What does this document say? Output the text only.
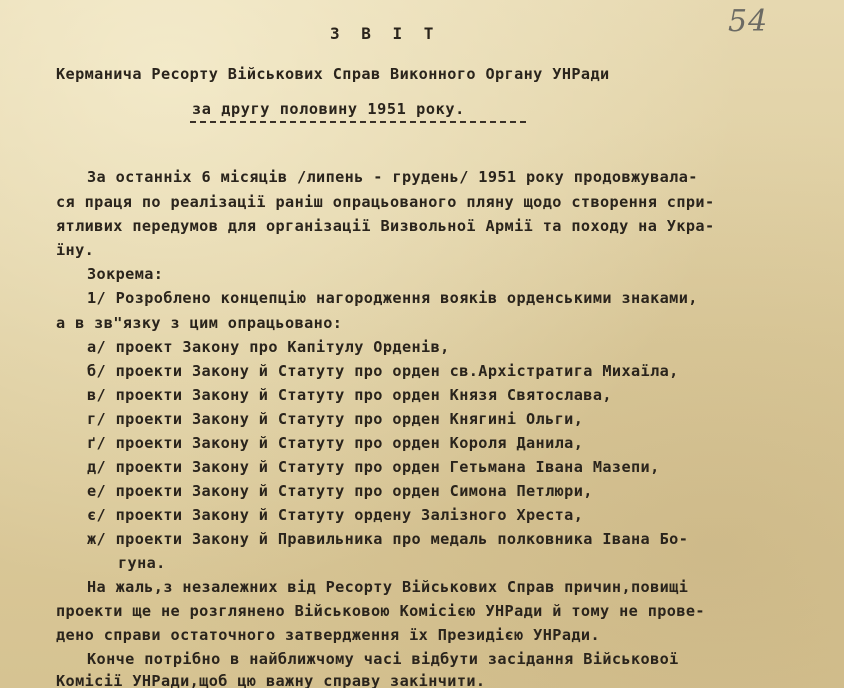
54
З В І Т
Керманича Ресорту Військових Справ Виконного Органу УНРади
за другу половину 1951 року.
За останніх 6 місяців /липень - грудень/ 1951 року продовжувала-
ся праця по реалізації раніш опрацьованого пляну щодо створення спри-
ятливих передумов для організації Визвольної Армії та походу на Укра-
їну.
Зокрема:
1/ Розроблено концепцію нагородження вояків орденськими знаками,
а в зв"язку з цим опрацьовано:
а/ проект Закону про Капітулу Орденів,
б/ проекти Закону й Статуту про орден св.Архістратига Михаїла,
в/ проекти Закону й Статуту про орден Князя Святослава,
г/ проекти Закону й Статуту про орден Княгині Ольги,
ґ/ проекти Закону й Статуту про орден Короля Данила,
д/ проекти Закону й Статуту про орден Гетьмана Івана Мазепи,
е/ проекти Закону й Статуту про орден Симона Петлюри,
є/ проекти Закону й Статуту ордену Залізного Хреста,
ж/ проекти Закону й Правильника про медаль полковника Івана Бо-
гуна.
На жаль,з незалежних від Ресорту Військових Справ причин,повищі
проекти ще не розглянено Військовою Комісією УНРади й тому не прове-
дено справи остаточного затвердження їх Президією УНРади.
Конче потрібно в найближчому часі відбути засідання Військової
Комісії УНРади,щоб цю важну справу закінчити.
